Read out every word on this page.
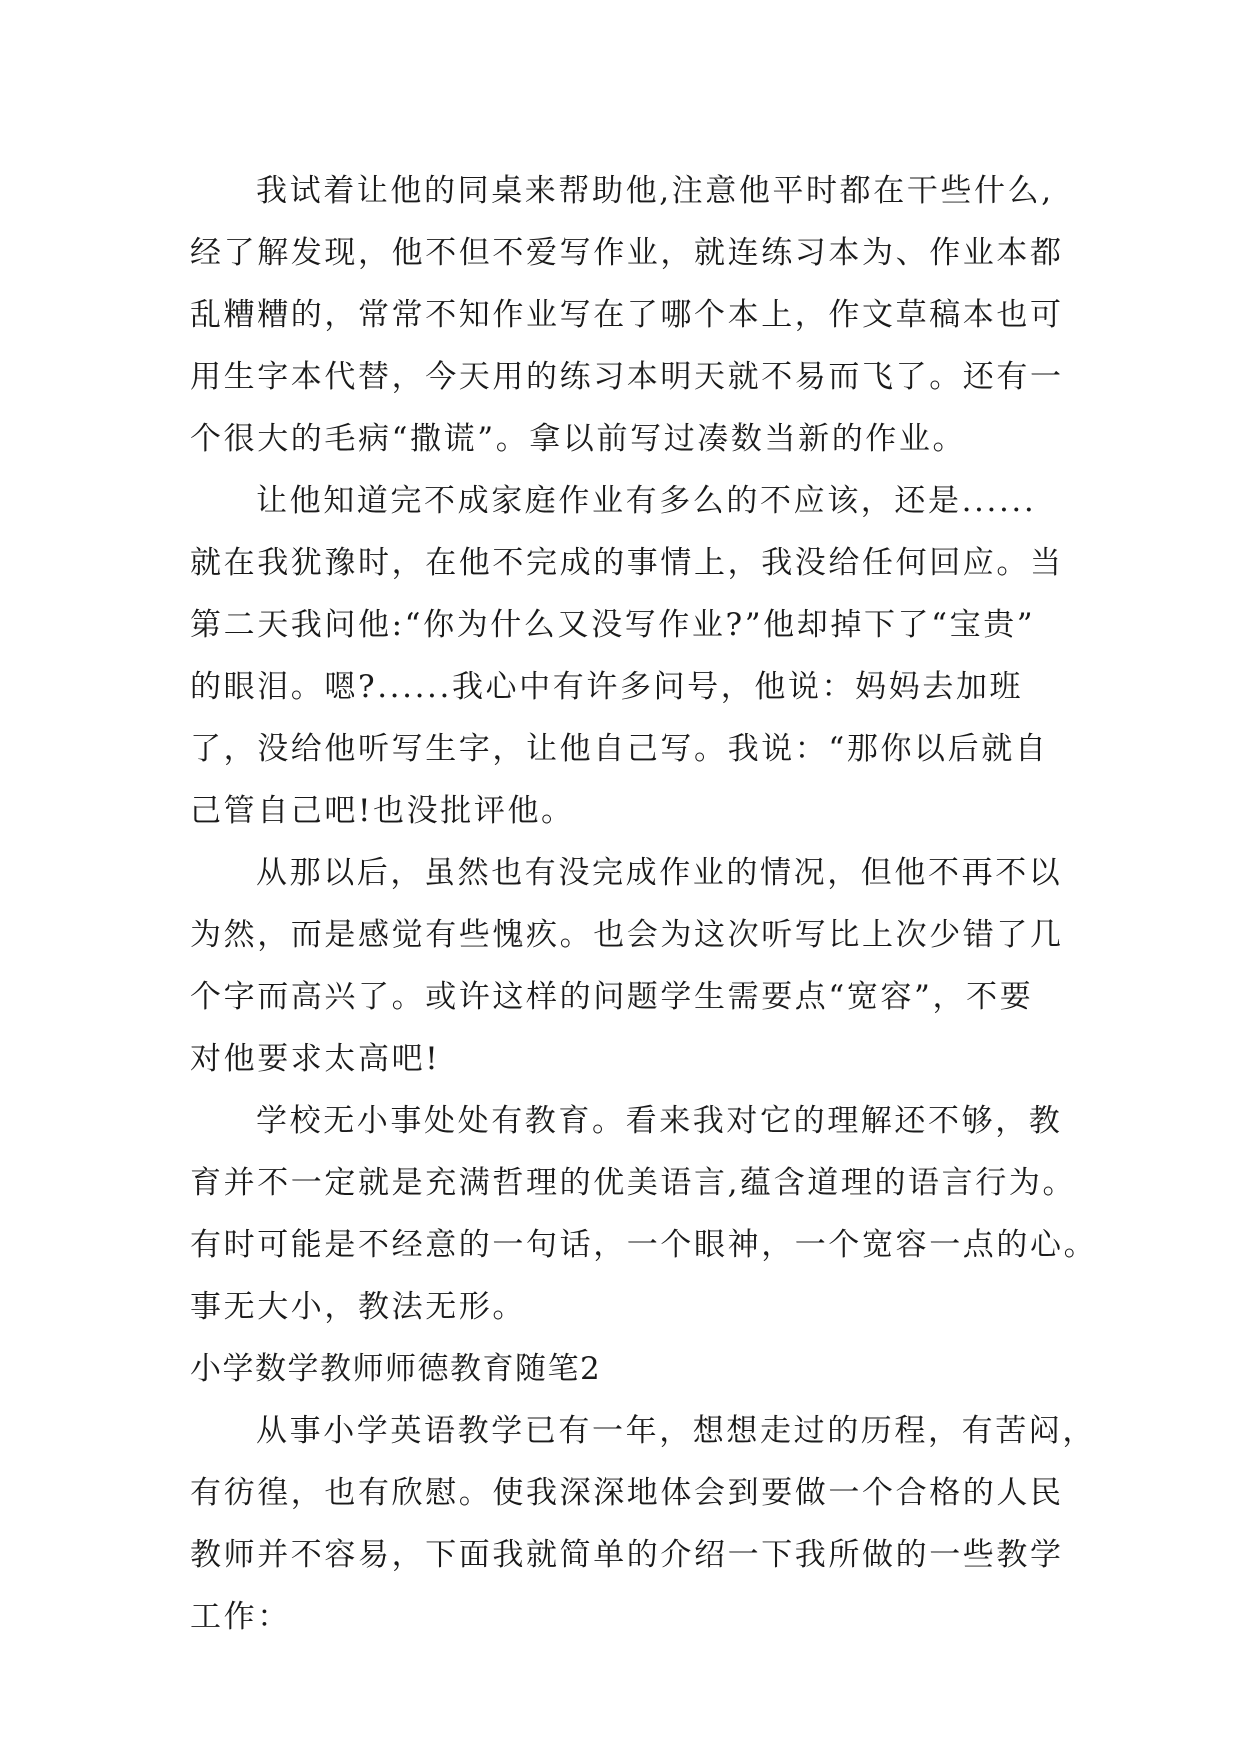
我试着让他的同桌来帮助他,注意他平时都在干些什么,
经了解发现，他不但不爱写作业，就连练习本为、作业本都
乱糟糟的，常常不知作业写在了哪个本上，作文草稿本也可
用生字本代替，今天用的练习本明天就不易而飞了。还有一
个很大的毛病“撒谎”。拿以前写过凑数当新的作业。
让他知道完不成家庭作业有多么的不应该，还是......
就在我犹豫时，在他不完成的事情上，我没给任何回应。当
第二天我问他:“你为什么又没写作业?”他却掉下了“宝贵”
的眼泪。嗯?......我心中有许多问号，他说：妈妈去加班
了，没给他听写生字，让他自己写。我说：“那你以后就自
己管自己吧!也没批评他。
从那以后，虽然也有没完成作业的情况，但他不再不以
为然，而是感觉有些愧疚。也会为这次听写比上次少错了几
个字而高兴了。或许这样的问题学生需要点“宽容”，不要
对他要求太高吧!
学校无小事处处有教育。看来我对它的理解还不够，教
育并不一定就是充满哲理的优美语言,蕴含道理的语言行为。
有时可能是不经意的一句话，一个眼神，一个宽容一点的心。
事无大小，教法无形。
小学数学教师师德教育随笔2
从事小学英语教学已有一年，想想走过的历程，有苦闷，
有彷徨，也有欣慰。使我深深地体会到要做一个合格的人民
教师并不容易，下面我就简单的介绍一下我所做的一些教学
工作：
